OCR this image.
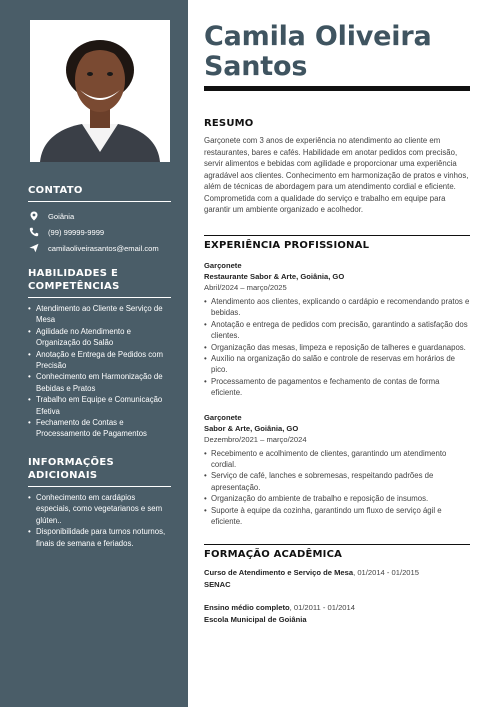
CONTATO
Goiânia
(99) 99999-9999
camilaoliveirasantos@email.com
HABILIDADES E COMPETÊNCIAS
• Atendimento ao Cliente e Serviço de Mesa
• Agilidade no Atendimento e Organização do Salão
• Anotação e Entrega de Pedidos com Precisão
• Conhecimento em Harmonização de Bebidas e Pratos
• Trabalho em Equipe e Comunicação Efetiva
• Fechamento de Contas e Processamento de Pagamentos
INFORMAÇÕES ADICIONAIS
• Conhecimento em cardápios especiais, como vegetarianos e sem glúten..
• Disponibilidade para turnos noturnos, finais de semana e feriados.
Camila Oliveira Santos
RESUMO
Garçonete com 3 anos de experiência no atendimento ao cliente em restaurantes, bares e cafés. Habilidade em anotar pedidos com precisão, servir alimentos e bebidas com agilidade e proporcionar uma experiência agradável aos clientes. Conhecimento em harmonização de pratos e vinhos, além de técnicas de abordagem para um atendimento cordial e eficiente. Comprometida com a qualidade do serviço e trabalho em equipe para garantir um ambiente organizado e acolhedor.
EXPERIÊNCIA PROFISSIONAL
Garçonete
Restaurante Sabor & Arte, Goiânia, GO
Abril/2024 – março/2025
• Atendimento aos clientes, explicando o cardápio e recomendando pratos e bebidas.
• Anotação e entrega de pedidos com precisão, garantindo a satisfação dos clientes.
• Organização das mesas, limpeza e reposição de talheres e guardanapos.
• Auxílio na organização do salão e controle de reservas em horários de pico.
• Processamento de pagamentos e fechamento de contas de forma eficiente.
Garçonete
Sabor & Arte, Goiânia, GO
Dezembro/2021 – março/2024
• Recebimento e acolhimento de clientes, garantindo um atendimento cordial.
• Serviço de café, lanches e sobremesas, respeitando padrões de apresentação.
• Organização do ambiente de trabalho e reposição de insumos.
• Suporte à equipe da cozinha, garantindo um fluxo de serviço ágil e eficiente.
FORMAÇÃO ACADÊMICA
Curso de Atendimento e Serviço de Mesa, 01/2014 - 01/2015
SENAC
Ensino médio completo, 01/2011 - 01/2014
Escola Municipal de Goiânia
